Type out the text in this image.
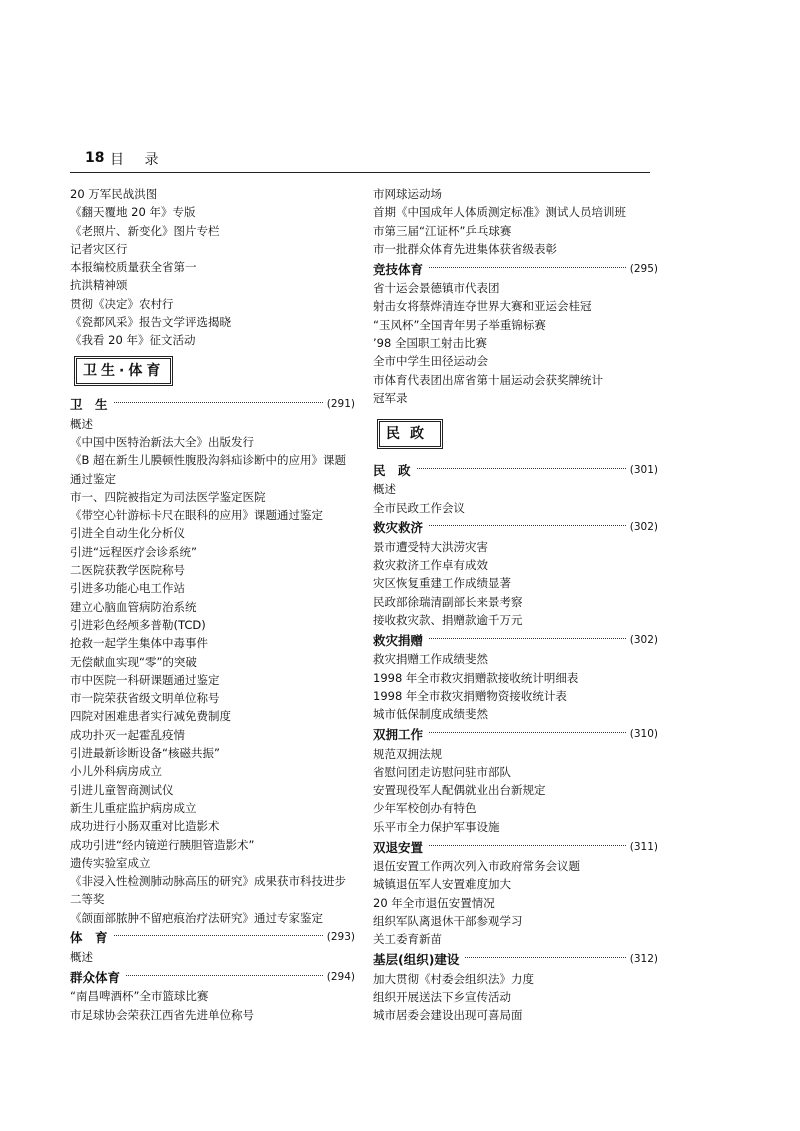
18 目 录
20 万军民战洪图
《翻天覆地 20 年》专版
《老照片、新变化》图片专栏
记者灾区行
本报编校质量获全省第一
抗洪精神颂
贯彻《决定》农村行
《瓷都风采》报告文学评选揭晓
《我看 20 年》征文活动
卫生·体育
卫　生	(291)
概述
《中国中医特治新法大全》出版发行
《B 超在新生儿膜顿性腹股沟斜疝诊断中的应用》课题
通过鉴定
市一、四院被指定为司法医学鉴定医院
《带空心针游标卡尺在眼科的应用》课题通过鉴定
引进全自动生化分析仪
引进“远程医疗会诊系统”
二医院获教学医院称号
引进多功能心电工作站
建立心脑血管病防治系统
引进彩色经颅多普勒(TCD)
抢救一起学生集体中毒事件
无偿献血实现“零”的突破
市中医院一科研课题通过鉴定
市一院荣获省级文明单位称号
四院对困难患者实行减免费制度
成功扑灭一起霍乱疫情
引进最新诊断设备“核磁共振”
小儿外科病房成立
引进儿童智商测试仪
新生儿重症监护病房成立
成功进行小肠双重对比造影术
成功引进“经内镜逆行胰胆管造影术”
遗传实验室成立
《非浸入性检测肺动脉高压的研究》成果获市科技进步
二等奖
《颌面部脓肿不留疤痕治疗法研究》通过专家鉴定
体　育	(293)
概述
群众体育	(294)
“南昌啤酒杯”全市篮球比赛
市足球协会荣获江西省先进单位称号
市网球运动场
首期《中国成年人体质测定标准》测试人员培训班
市第三届“江证杯”乒乓球赛
市一批群众体育先进集体获省级表彰
竞技体育	(295)
省十运会景德镇市代表团
射击女将蔡烨清连夺世界大赛和亚运会桂冠
“玉风杯”全国青年男子举重锦标赛
’98 全国职工射击比赛
全市中学生田径运动会
市体育代表团出席省第十届运动会获奖牌统计
冠军录
民政
民　政	(301)
概述
全市民政工作会议
救灾救济	(302)
景市遭受特大洪涝灾害
救灾救济工作卓有成效
灾区恢复重建工作成绩显著
民政部徐瑞清副部长来景考察
接收救灾款、捐赠款逾千万元
救灾捐赠	(302)
救灾捐赠工作成绩斐然
1998 年全市救灾捐赠款接收统计明细表
1998 年全市救灾捐赠物资接收统计表
城市低保制度成绩斐然
双拥工作	(310)
规范双拥法规
省慰问团走访慰问驻市部队
安置现役军人配偶就业出台新规定
少年军校创办有特色
乐平市全力保护军事设施
双退安置	(311)
退伍安置工作两次列入市政府常务会议题
城镇退伍军人安置难度加大
20 年全市退伍安置情况
组织军队离退休干部参观学习
关工委育新苗
基层(组织)建设	(312)
加大贯彻《村委会组织法》力度
组织开展送法下乡宣传活动
城市居委会建设出现可喜局面
